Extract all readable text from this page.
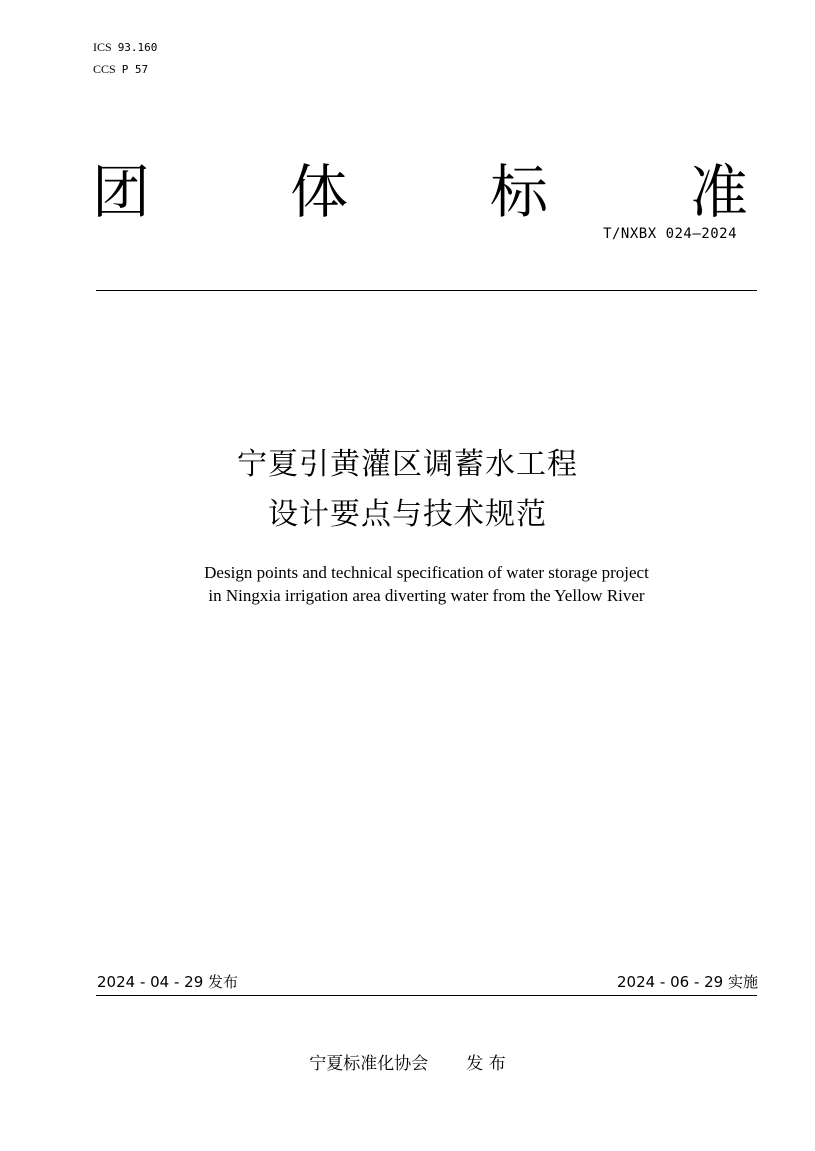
ICS 93.160
CCS P 57
团 体 标 准
T/NXBX 024—2024
宁夏引黄灌区调蓄水工程
设计要点与技术规范
Design points and technical specification of water storage project
in Ningxia irrigation area diverting water from the Yellow River
2024 - 04 - 29 发布	2024 - 06 - 29 实施
宁夏标准化协会 发 布
